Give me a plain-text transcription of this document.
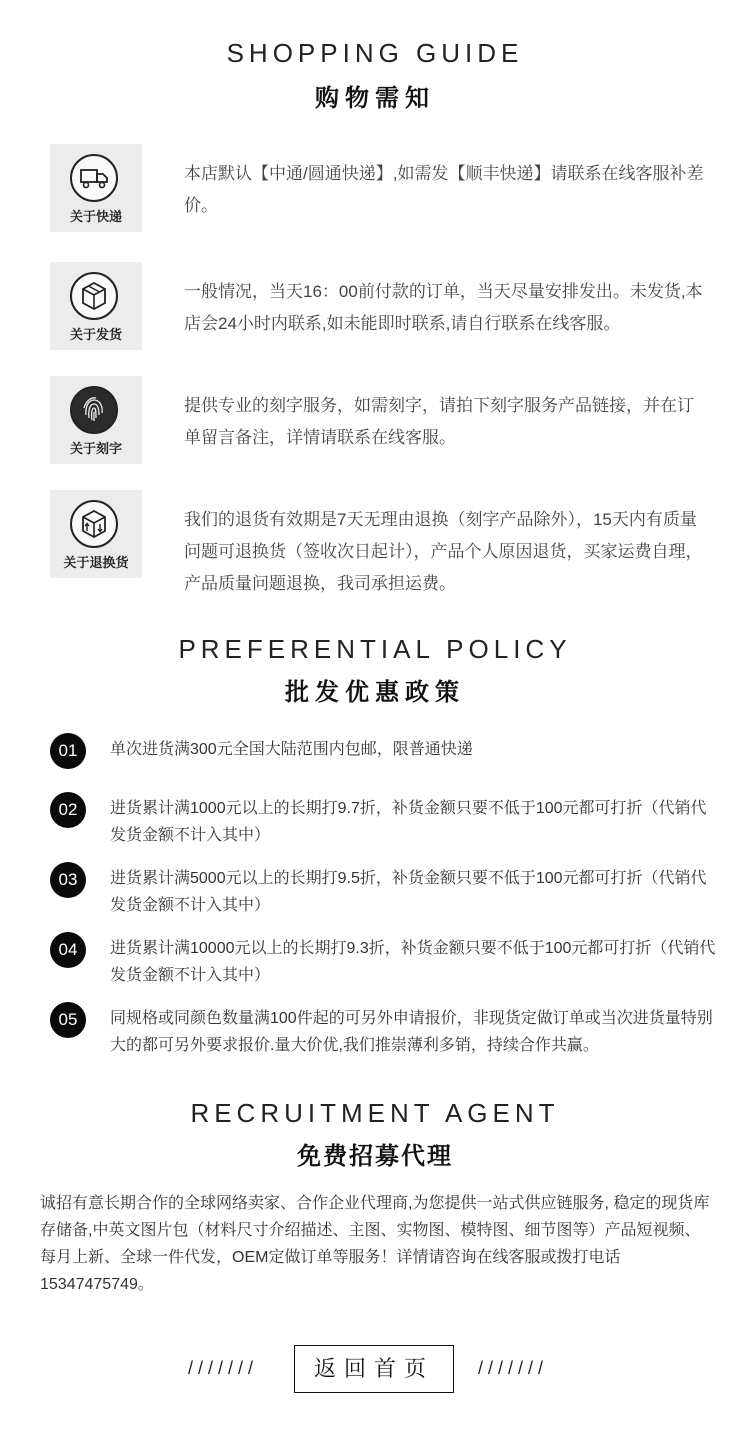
SHOPPING GUIDE
购物需知
关于快递
本店默认【中通/圆通快递】,如需发【顺丰快递】请联系在线客服补差价。
关于发货
一般情况，当天16：00前付款的订单，当天尽量安排发出。未发货,本店会24小时内联系,如未能即时联系,请自行联系在线客服。
关于刻字
提供专业的刻字服务，如需刻字，请拍下刻字服务产品链接，并在订单留言备注，详情请联系在线客服。
关于退换货
我们的退货有效期是7天无理由退换（刻字产品除外），15天内有质量问题可退换货（签收次日起计），产品个人原因退货，买家运费自理，产品质量问题退换，我司承担运费。
PREFERENTIAL POLICY
批发优惠政策
01	单次进货满300元全国大陆范围内包邮，限普通快递
02	进货累计满1000元以上的长期打9.7折，补货金额只要不低于100元都可打折（代销代发货金额不计入其中）
03	进货累计满5000元以上的长期打9.5折，补货金额只要不低于100元都可打折（代销代发货金额不计入其中）
04	进货累计满10000元以上的长期打9.3折，补货金额只要不低于100元都可打折（代销代发货金额不计入其中）
05	同规格或同颜色数量满100件起的可另外申请报价，非现货定做订单或当次进货量特别大的都可另外要求报价.量大价优,我们推崇薄利多销，持续合作共赢。
RECRUITMENT AGENT
免费招募代理
诚招有意长期合作的全球网络卖家、合作企业代理商,为您提供一站式供应链服务, 稳定的现货库存储备,中英文图片包（材料尺寸介绍描述、主图、实物图、模特图、细节图等）产品短视频、每月上新、全球一件代发，OEM定做订单等服务！详情请咨询在线客服或拨打电话15347475749。
///////	返回首页	///////
